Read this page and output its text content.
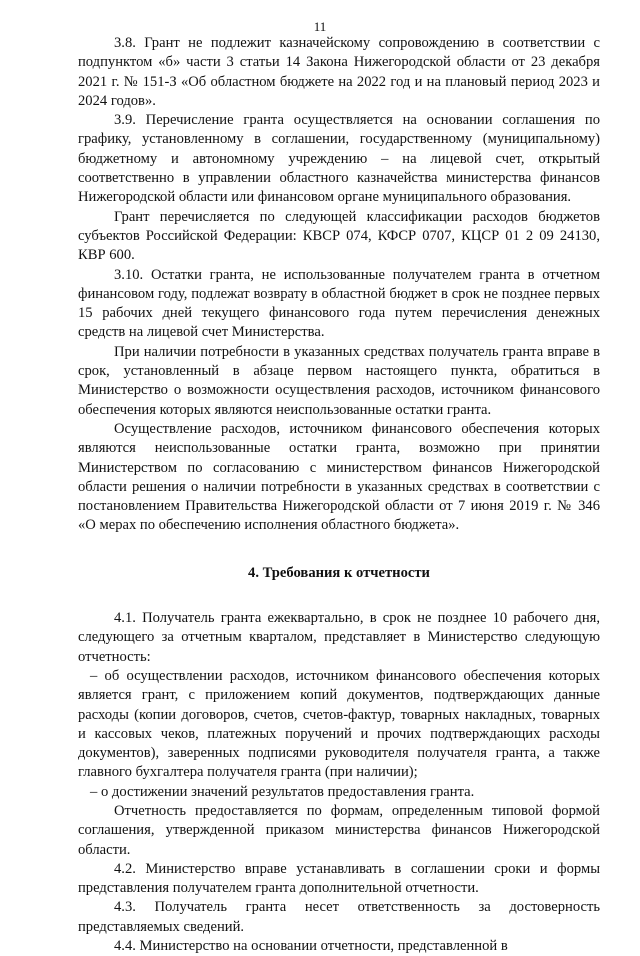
11

3.8. Грант не подлежит казначейскому сопровождению в соответствии с подпунктом «б» части 3 статьи 14 Закона Нижегородской области от 23 декабря 2021 г. № 151-З «Об областном бюджете на 2022 год и на плановый период 2023 и 2024 годов».

3.9. Перечисление гранта осуществляется на основании соглашения по графику, установленному в соглашении, государственному (муниципальному) бюджетному и автономному учреждению – на лицевой счет, открытый соответственно в управлении областного казначейства министерства финансов Нижегородской области или финансовом органе муниципального образования.

Грант перечисляется по следующей классификации расходов бюджетов субъектов Российской Федерации: КВСР 074, КФСР 0707, КЦСР 01 2 09 24130, КВР 600.

3.10. Остатки гранта, не использованные получателем гранта в отчетном финансовом году, подлежат возврату в областной бюджет в срок не позднее первых 15 рабочих дней текущего финансового года путем перечисления денежных средств на лицевой счет Министерства.

При наличии потребности в указанных средствах получатель гранта вправе в срок, установленный в абзаце первом настоящего пункта, обратиться в Министерство о возможности осуществления расходов, источником финансового обеспечения которых являются неиспользованные остатки гранта.

Осуществление расходов, источником финансового обеспечения которых являются неиспользованные остатки гранта, возможно при принятии Министерством по согласованию с министерством финансов Нижегородской области решения о наличии потребности в указанных средствах в соответствии с постановлением Правительства Нижегородской области от 7 июня 2019 г. № 346 «О мерах по обеспечению исполнения областного бюджета».

4. Требования к отчетности

4.1. Получатель гранта ежеквартально, в срок не позднее 10 рабочего дня, следующего за отчетным кварталом, представляет в Министерство следующую отчетность:

– об осуществлении расходов, источником финансового обеспечения которых является грант, с приложением копий документов, подтверждающих данные расходы (копии договоров, счетов, счетов-фактур, товарных накладных, товарных и кассовых чеков, платежных поручений и прочих подтверждающих расходы документов), заверенных подписями руководителя получателя гранта, а также главного бухгалтера получателя гранта (при наличии);

– о достижении значений результатов предоставления гранта.

Отчетность предоставляется по формам, определенным типовой формой соглашения, утвержденной приказом министерства финансов Нижегородской области.

4.2. Министерство вправе устанавливать в соглашении сроки и формы представления получателем гранта дополнительной отчетности.

4.3. Получатель гранта несет ответственность за достоверность представляемых сведений.

4.4. Министерство на основании отчетности, представленной в
